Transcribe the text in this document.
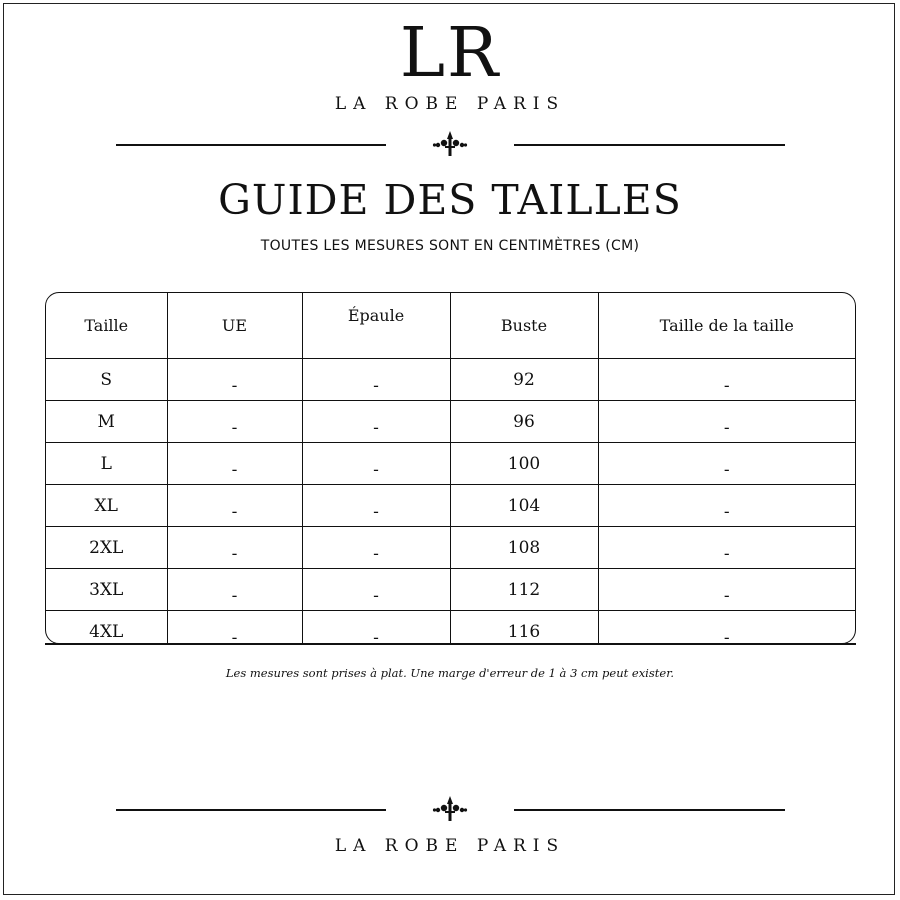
LR
LA ROBE PARIS
GUIDE DES TAILLES
TOUTES LES MESURES SONT EN CENTIMÈTRES (CM)
Taille	UE	Épaule	Buste	Taille de la taille
S	-	-	92	-
M	-	-	96	-
L	-	-	100	-
XL	-	-	104	-
2XL	-	-	108	-
3XL	-	-	112	-
4XL	-	-	116	-

Les mesures sont prises à plat. Une marge d'erreur de 1 à 3 cm peut exister.
LA ROBE PARIS
